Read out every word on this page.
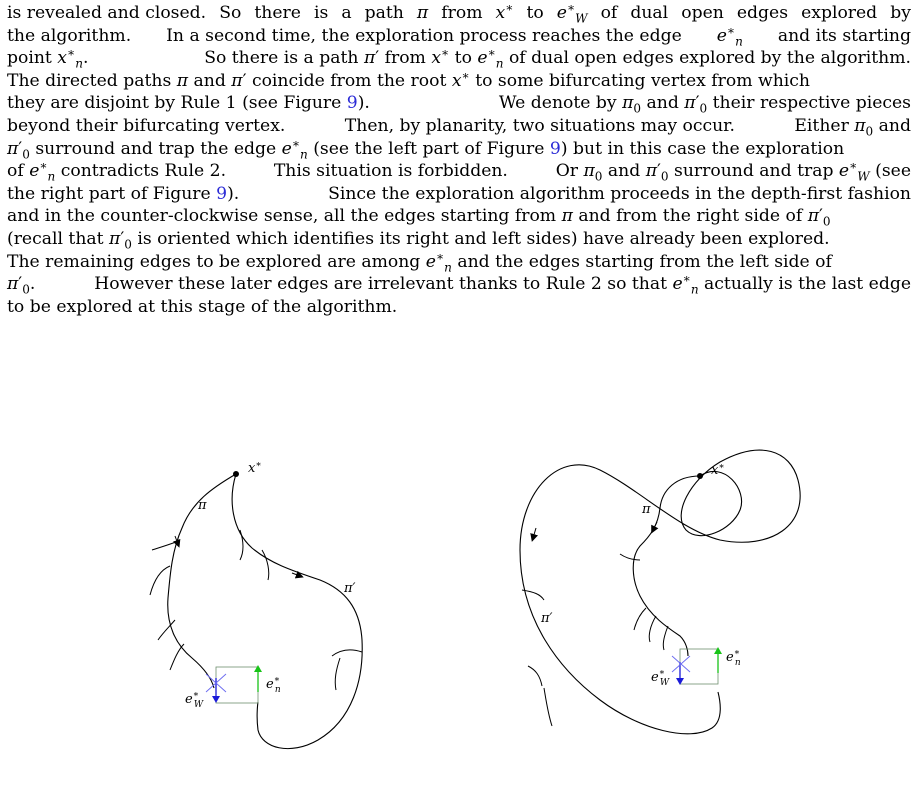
is revealed and closed. So there is a path π from x∗ to $e^∗_W$ of dual open edges explored by
the algorithm. In a second time, the exploration process reaches the edge $e^∗_n$ and its starting
point $x^∗_n$.	So there is a path π′ from x∗ to $e^∗_n$ of dual open edges explored by the algorithm.
The directed paths π and π′ coincide from the root x∗ to some bifurcating vertex from which
they are disjoint by Rule 1 (see Figure 9).	We denote by $\pi_0$ and $\pi'_0$ their respective pieces
beyond their bifurcating vertex.	Then, by planarity, two situations may occur.	Either $\pi_0$ and
$\pi'_0$ surround and trap the edge $e^∗_n$ (see the left part of Figure 9) but in this case the exploration
of $e^∗_n$ contradicts Rule 2.	This situation is forbidden.	Or $\pi_0$ and $\pi'_0$ surround and trap $e^∗_W$ (see
the right part of Figure 9).	Since the exploration algorithm proceeds in the depth-first fashion
and in the counter-clockwise sense, all the edges starting from π and from the right side of $\pi'_0$
(recall that $\pi'_0$ is oriented which identifies its right and left sides) have already been explored.
The remaining edges to be explored are among $e^∗_n$ and the edges starting from the left side of
$\pi'_0$.	However these later edges are irrelevant thanks to Rule 2 so that $e^∗_n$ actually is the last edge
to be explored at this stage of the algorithm.
x∗
π
π′
e∗ n
e∗ W
x∗
π
π′
e∗ n
e∗ W
